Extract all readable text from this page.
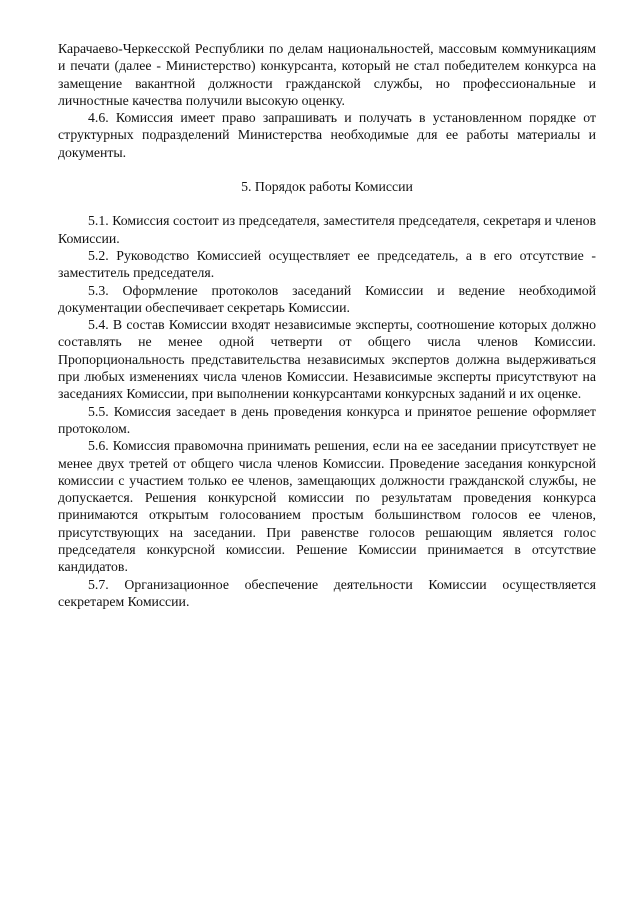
Карачаево-Черкесской Республики по делам национальностей, массовым коммуникациям и печати (далее - Министерство) конкурсанта, который не стал победителем конкурса на замещение вакантной должности гражданской службы, но профессиональные и личностные качества получили высокую оценку.

4.6. Комиссия имеет право запрашивать и получать в установленном порядке от структурных подразделений Министерства необходимые для ее работы материалы и документы.

5. Порядок работы Комиссии

5.1. Комиссия состоит из председателя, заместителя председателя, секретаря и членов Комиссии.

5.2. Руководство Комиссией осуществляет ее председатель, а в его отсутствие - заместитель председателя.

5.3. Оформление протоколов заседаний Комиссии и ведение необходимой документации обеспечивает секретарь Комиссии.

5.4. В состав Комиссии входят независимые эксперты, соотношение которых должно составлять не менее одной четверти от общего числа членов Комиссии. Пропорциональность представительства независимых экспертов должна выдерживаться при любых изменениях числа членов Комиссии. Независимые эксперты присутствуют на заседаниях Комиссии, при выполнении конкурсантами конкурсных заданий и их оценке.

5.5. Комиссия заседает в день проведения конкурса и принятое решение оформляет протоколом.

5.6. Комиссия правомочна принимать решения, если на ее заседании присутствует не менее двух третей от общего числа членов Комиссии. Проведение заседания конкурсной комиссии с участием только ее членов, замещающих должности гражданской службы, не допускается. Решения конкурсной комиссии по результатам проведения конкурса принимаются открытым голосованием простым большинством голосов ее членов, присутствующих на заседании. При равенстве голосов решающим является голос председателя конкурсной комиссии. Решение Комиссии принимается в отсутствие кандидатов.

5.7. Организационное обеспечение деятельности Комиссии осуществляется секретарем Комиссии.
